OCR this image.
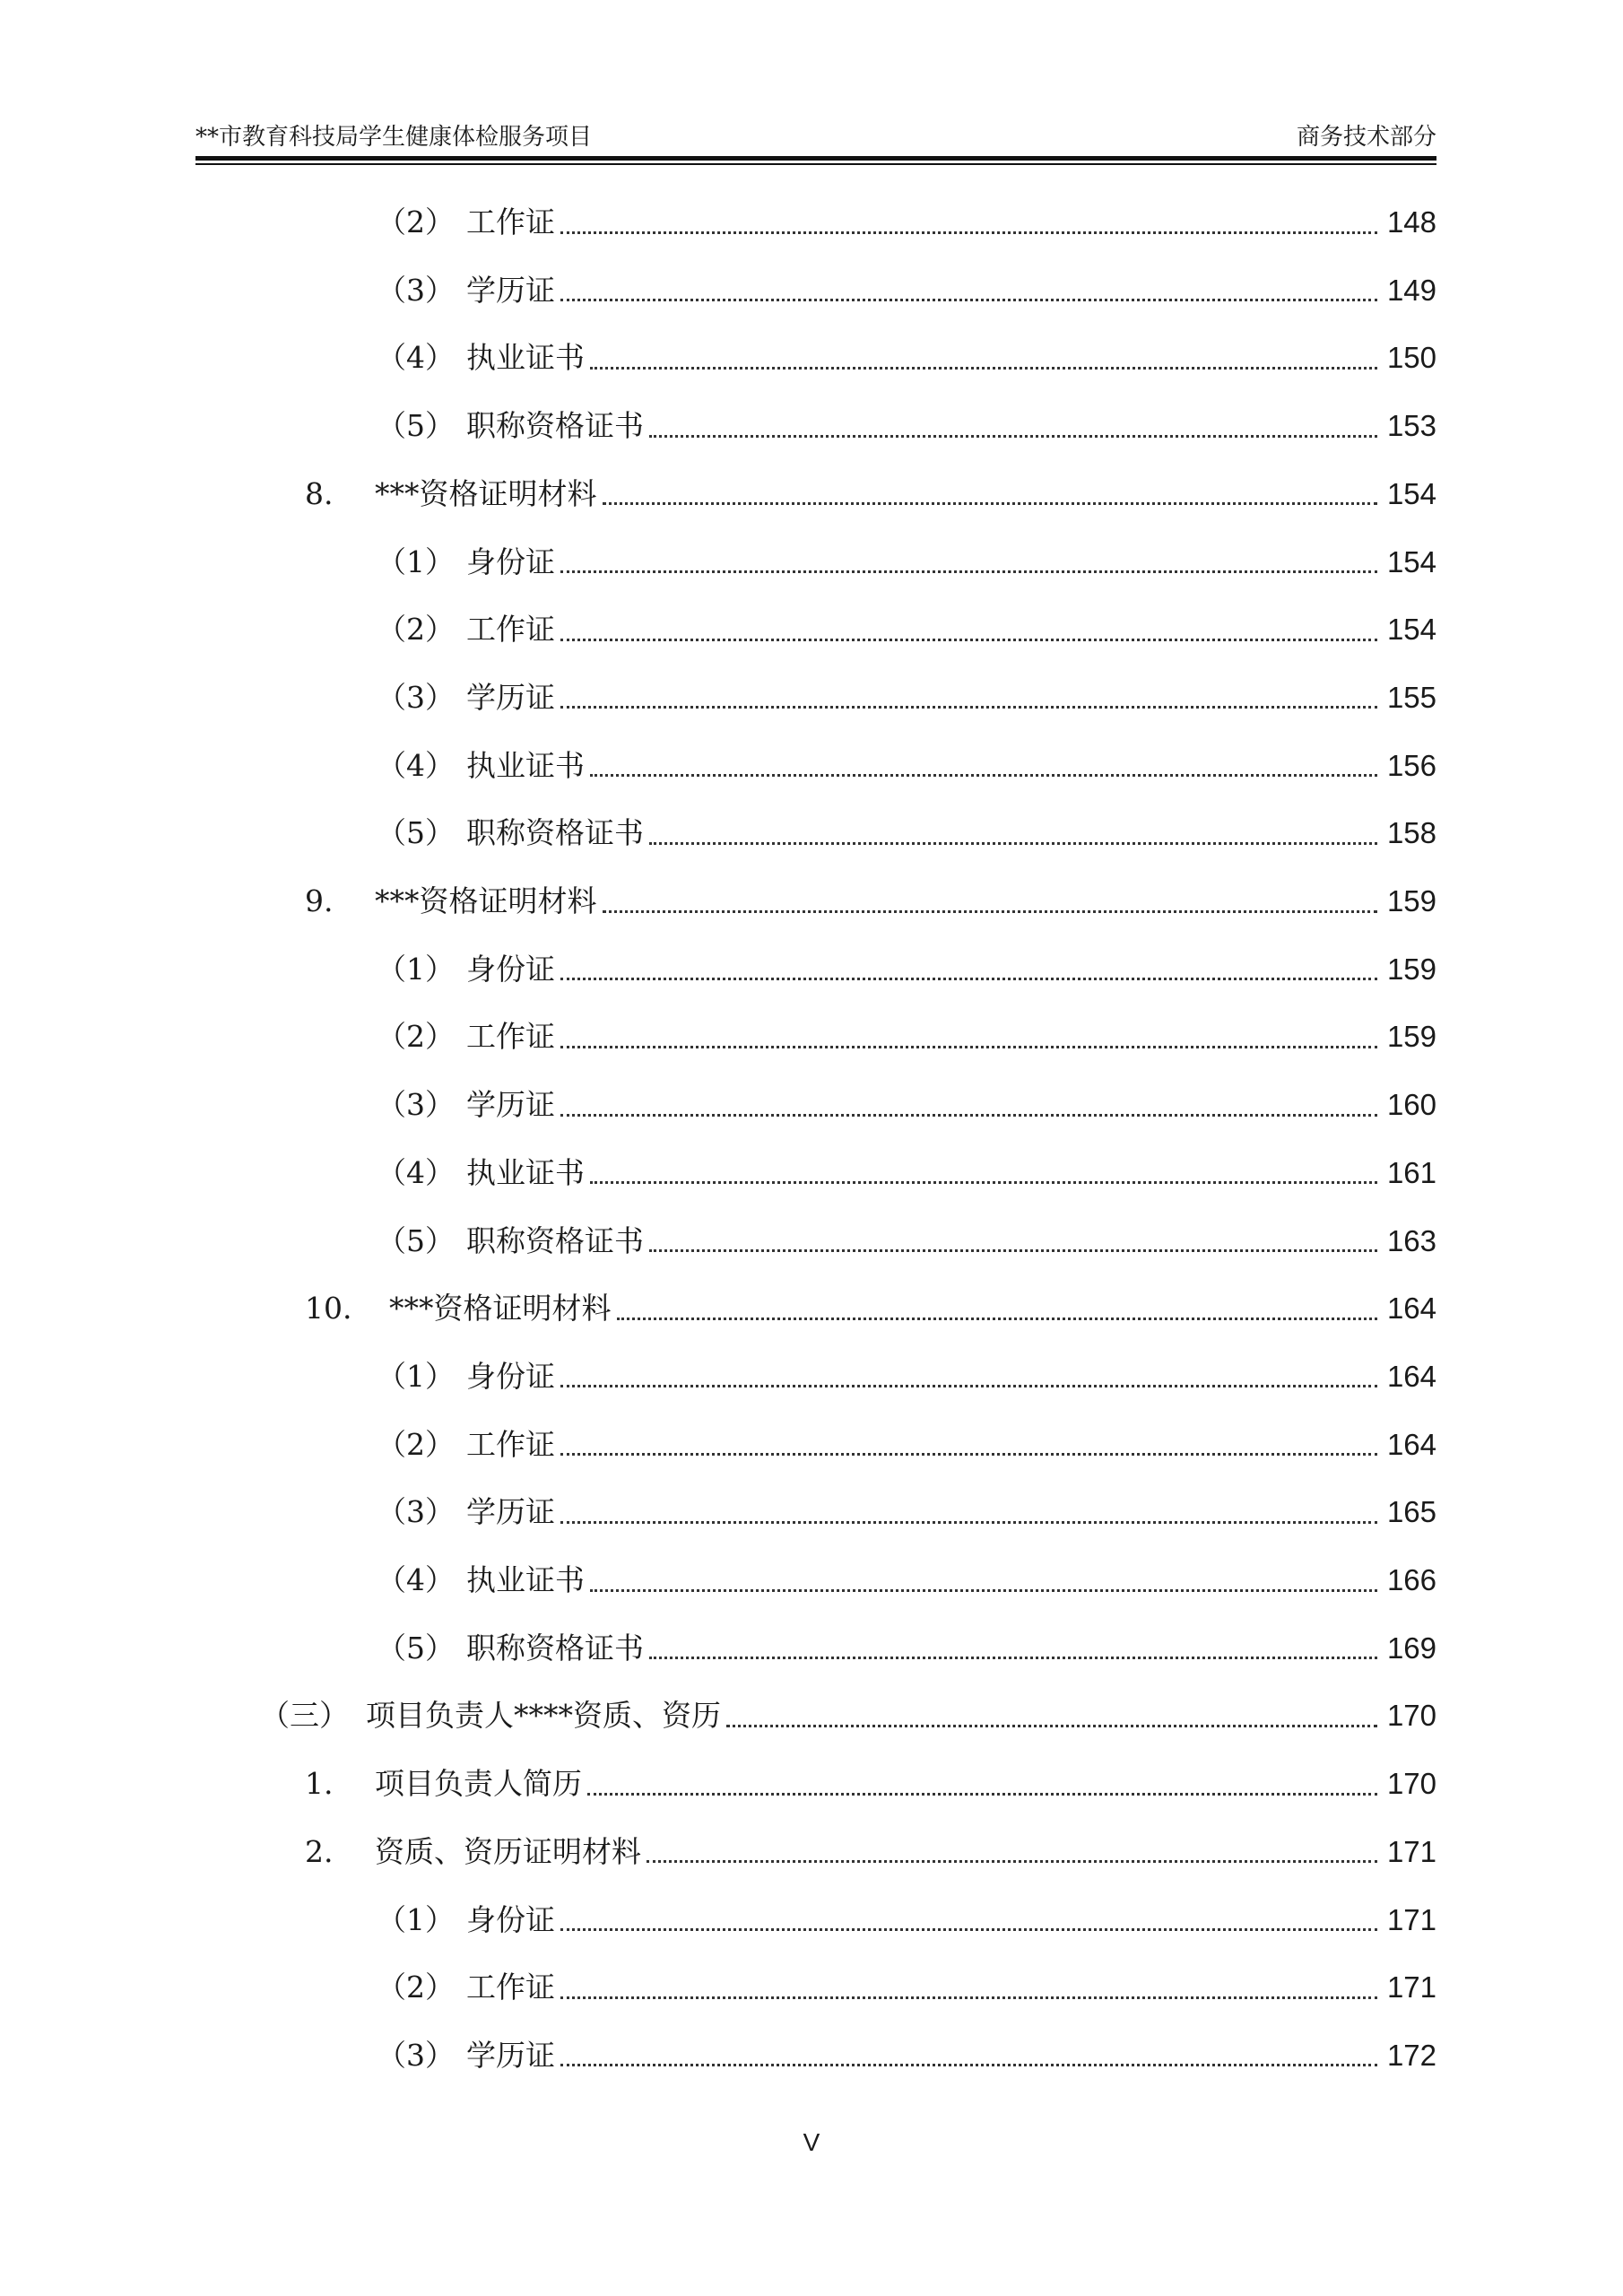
**市教育科技局学生健康体检服务项目	商务技术部分
（2） 工作证	148
（3） 学历证	149
（4） 执业证书	150
（5） 职称资格证书	153
8.	***资格证明材料	154
（1） 身份证	154
（2） 工作证	154
（3） 学历证	155
（4） 执业证书	156
（5） 职称资格证书	158
9.	***资格证明材料	159
（1） 身份证	159
（2） 工作证	159
（3） 学历证	160
（4） 执业证书	161
（5） 职称资格证书	163
10.	***资格证明材料	164
（1） 身份证	164
（2） 工作证	164
（3） 学历证	165
（4） 执业证书	166
（5） 职称资格证书	169
（三） 项目负责人****资质、资历	170
1.	项目负责人简历	170
2.	资质、资历证明材料	171
（1） 身份证	171
（2） 工作证	171
（3） 学历证	172
V
